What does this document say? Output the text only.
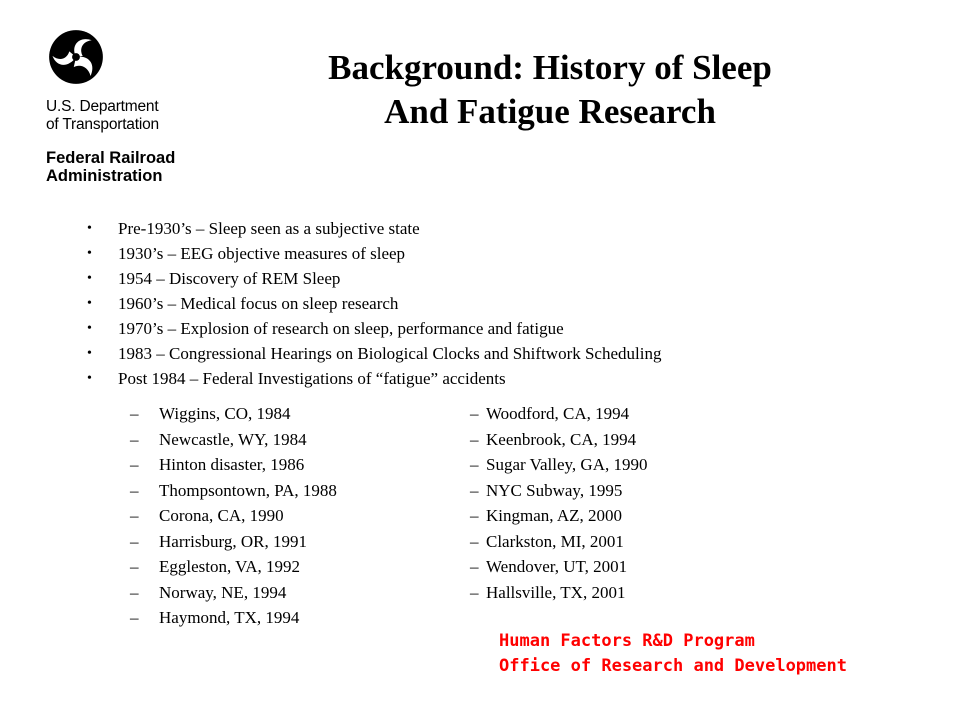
U.S. Department
of Transportation
Federal Railroad
Administration
Background: History of Sleep
And Fatigue Research
• Pre-1930’s – Sleep seen as a subjective state
• 1930’s – EEG objective measures of sleep
• 1954 – Discovery of REM Sleep
• 1960’s – Medical focus on sleep research
• 1970’s – Explosion of research on sleep, performance and fatigue
• 1983 – Congressional Hearings on Biological Clocks and Shiftwork Scheduling
• Post 1984 – Federal Investigations of “fatigue” accidents
– Wiggins, CO, 1984	– Woodford, CA, 1994
– Newcastle, WY, 1984	– Keenbrook, CA, 1994
– Hinton disaster, 1986	– Sugar Valley, GA, 1990
– Thompsontown, PA, 1988	– NYC Subway, 1995
– Corona, CA, 1990	– Kingman, AZ, 2000
– Harrisburg, OR, 1991	– Clarkston, MI, 2001
– Eggleston, VA, 1992	– Wendover, UT, 2001
– Norway, NE, 1994	– Hallsville, TX, 2001
– Haymond, TX, 1994
Human Factors R&D Program
Office of Research and Development
